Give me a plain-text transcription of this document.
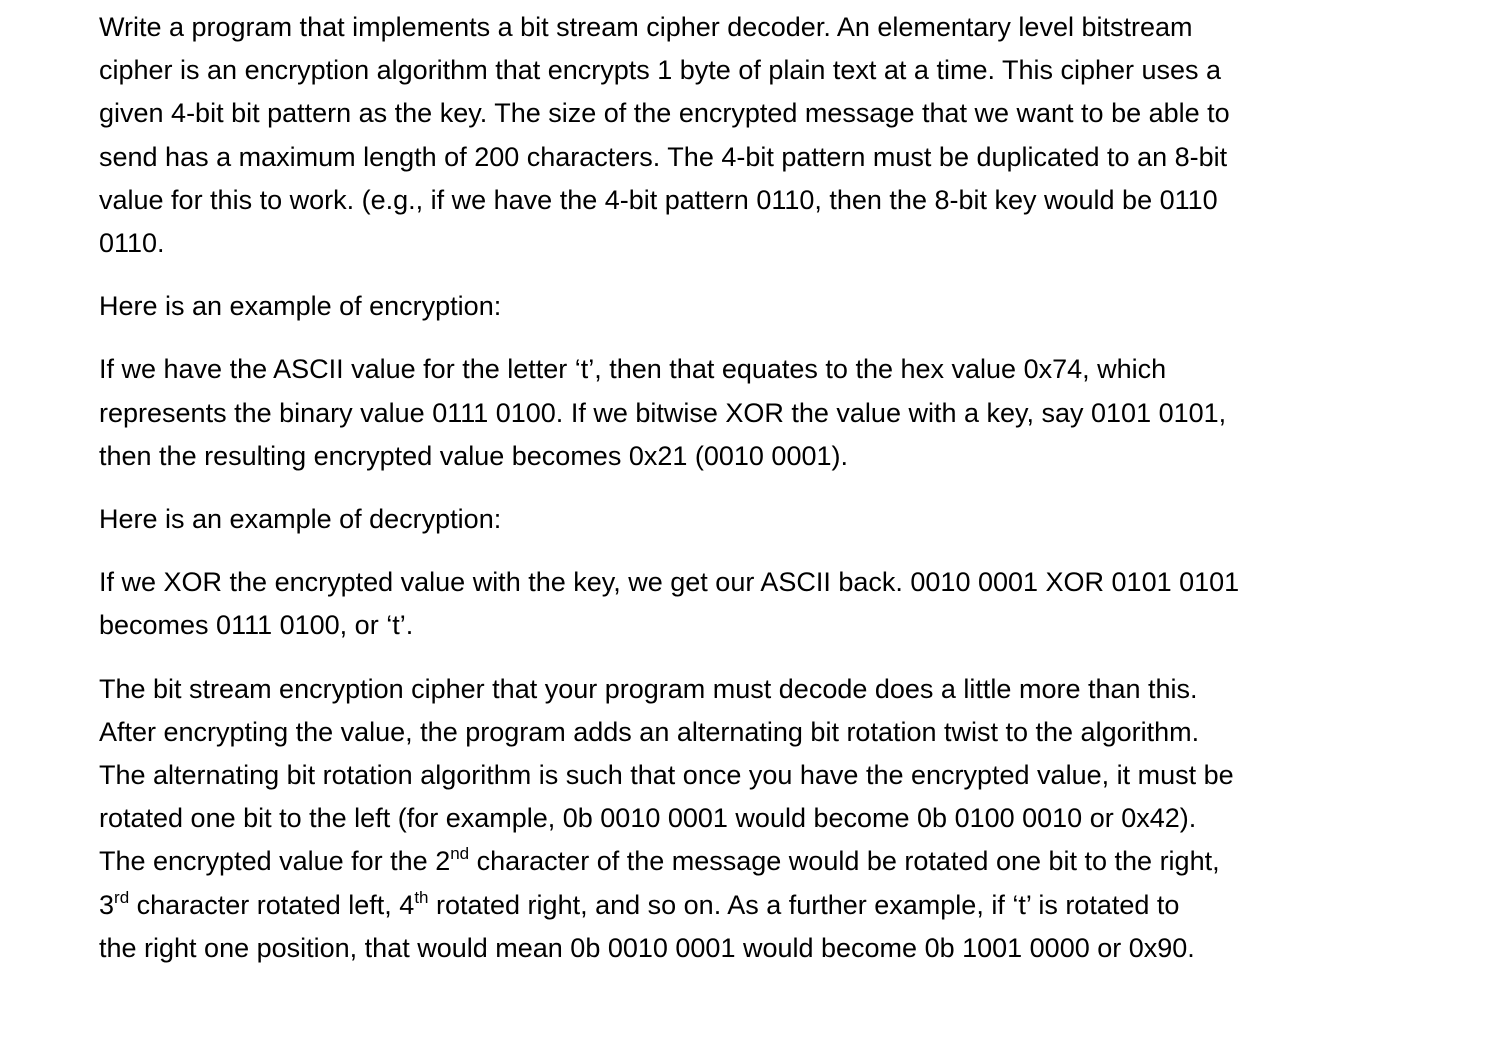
Write a program that implements a bit stream cipher decoder. An elementary level bitstream
cipher is an encryption algorithm that encrypts 1 byte of plain text at a time. This cipher uses a
given 4-bit bit pattern as the key. The size of the encrypted message that we want to be able to
send has a maximum length of 200 characters. The 4-bit pattern must be duplicated to an 8-bit
value for this to work. (e.g., if we have the 4-bit pattern 0110, then the 8-bit key would be 0110
0110.

Here is an example of encryption:

If we have the ASCII value for the letter ‘t’, then that equates to the hex value 0x74, which
represents the binary value 0111 0100. If we bitwise XOR the value with a key, say 0101 0101,
then the resulting encrypted value becomes 0x21 (0010 0001).

Here is an example of decryption:

If we XOR the encrypted value with the key, we get our ASCII back. 0010 0001 XOR 0101 0101
becomes 0111 0100, or ‘t’.

The bit stream encryption cipher that your program must decode does a little more than this.
After encrypting the value, the program adds an alternating bit rotation twist to the algorithm.
The alternating bit rotation algorithm is such that once you have the encrypted value, it must be
rotated one bit to the left (for example, 0b 0010 0001 would become 0b 0100 0010 or 0x42).
The encrypted value for the 2nd character of the message would be rotated one bit to the right,
3rd character rotated left, 4th rotated right, and so on. As a further example, if ‘t’ is rotated to
the right one position, that would mean 0b 0010 0001 would become 0b 1001 0000 or 0x90.
